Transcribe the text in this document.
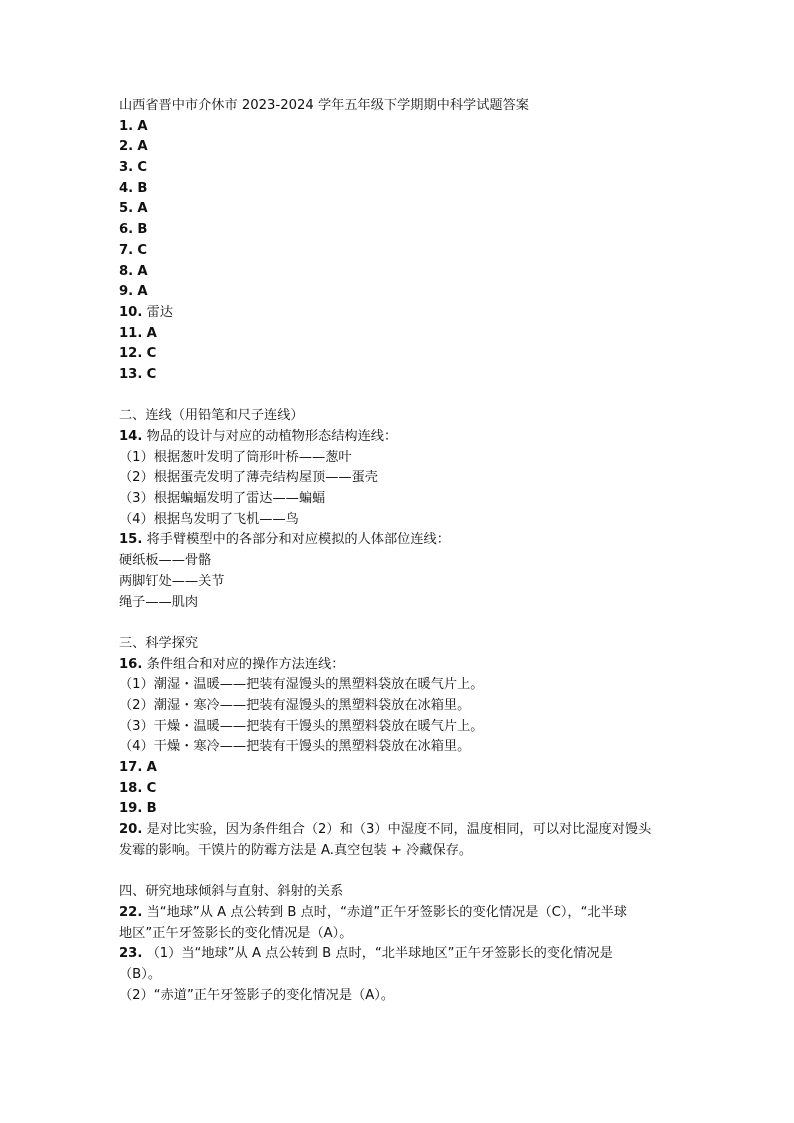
山西省晋中市介休市 2023-2024 学年五年级下学期期中科学试题答案
1. A
2. A
3. C
4. B
5. A
6. B
7. C
8. A
9. A
10. 雷达
11. A
12. C
13. C
二、连线（用铅笔和尺子连线）
14. 物品的设计与对应的动植物形态结构连线：
（1）根据葱叶发明了筒形叶桥——葱叶
（2）根据蛋壳发明了薄壳结构屋顶——蛋壳
（3）根据蝙蝠发明了雷达——蝙蝠
（4）根据鸟发明了飞机——鸟
15. 将手臂模型中的各部分和对应模拟的人体部位连线：
硬纸板——骨骼
两脚钉处——关节
绳子——肌肉
三、科学探究
16. 条件组合和对应的操作方法连线：
（1）潮湿・温暖——把装有湿馒头的黑塑料袋放在暖气片上。
（2）潮湿・寒冷——把装有湿馒头的黑塑料袋放在冰箱里。
（3）干燥・温暖——把装有干馒头的黑塑料袋放在暖气片上。
（4）干燥・寒冷——把装有干馒头的黑塑料袋放在冰箱里。
17. A
18. C
19. B
20. 是对比实验，因为条件组合（2）和（3）中湿度不同，温度相同，可以对比湿度对馒头
发霉的影响。干馍片的防霉方法是 A.真空包装 + 冷藏保存。
四、研究地球倾斜与直射、斜射的关系
22. 当“地球”从 A 点公转到 B 点时，“赤道”正午牙签影长的变化情况是（C），“北半球
地区”正午牙签影长的变化情况是（A）。
23. （1）当“地球”从 A 点公转到 B 点时，“北半球地区”正午牙签影长的变化情况是
（B）。
（2）“赤道”正午牙签影子的变化情况是（A）。
